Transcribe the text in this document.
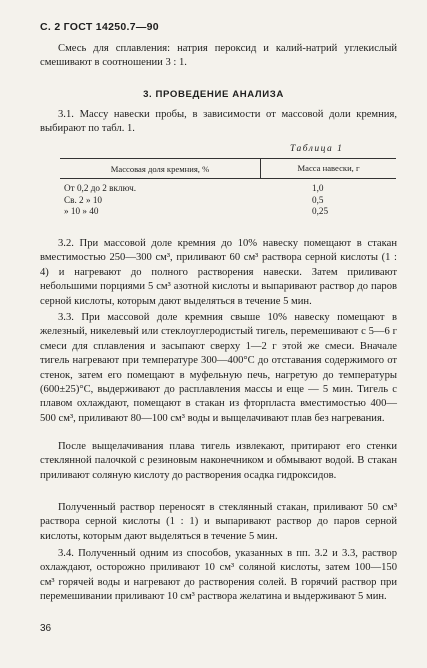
С. 2 ГОСТ 14250.7—90

Смесь для сплавления: натрия пероксид и калий-натрий углекислый смешивают в соотношении 3 : 1.

3. ПРОВЕДЕНИЕ АНАЛИЗА

3.1. Массу навески пробы, в зависимости от массовой доли кремния, выбирают по табл. 1.

Таблица 1
Массовая доля кремния, %	Масса навески, г
От 0,2 до 2 включ.
Св. 2 » 10
» 10 » 40
1,0
0,5
0,25

3.2. При массовой доле кремния до 10% навеску помещают в стакан вместимостью 250—300 см³, приливают 60 см³ раствора серной кислоты (1 : 4) и нагревают до полного растворения навески. Затем приливают небольшими порциями 5 см³ азотной кислоты и выпаривают раствор до паров серной кислоты, которым дают выделяться в течение 5 мин.

3.3. При массовой доле кремния свыше 10% навеску помещают в железный, никелевый или стеклоуглеродистый тигель, перемешивают с 5—6 г смеси для сплавления и засыпают сверху 1—2 г этой же смеси. Вначале тигель нагревают при температуре 300—400°С до отставания содержимого от стенок, затем его помещают в муфельную печь, нагретую до температуры (600±25)°С, выдерживают до расплавления массы и еще — 5 мин. Тигель с плавом охлаждают, помещают в стакан из фторпласта вместимостью 400—500 см³, приливают 80—100 см³ воды и выщелачивают плав без нагревания.

После выщелачивания плава тигель извлекают, притирают его стенки стеклянной палочкой с резиновым наконечником и обмывают водой. В стакан приливают соляную кислоту до растворения осадка гидроксидов.

Полученный раствор переносят в стеклянный стакан, приливают 50 см³ раствора серной кислоты (1 : 1) и выпаривают раствор до паров серной кислоты, которым дают выделяться в течение 5 мин.

3.4. Полученный одним из способов, указанных в пп. 3.2 и 3.3, раствор охлаждают, осторожно приливают 10 см³ соляной кислоты, затем 100—150 см³ горячей воды и нагревают до растворения солей. В горячий раствор при перемешивании приливают 10 см³ раствора желатина и выдерживают 5 мин.

36
